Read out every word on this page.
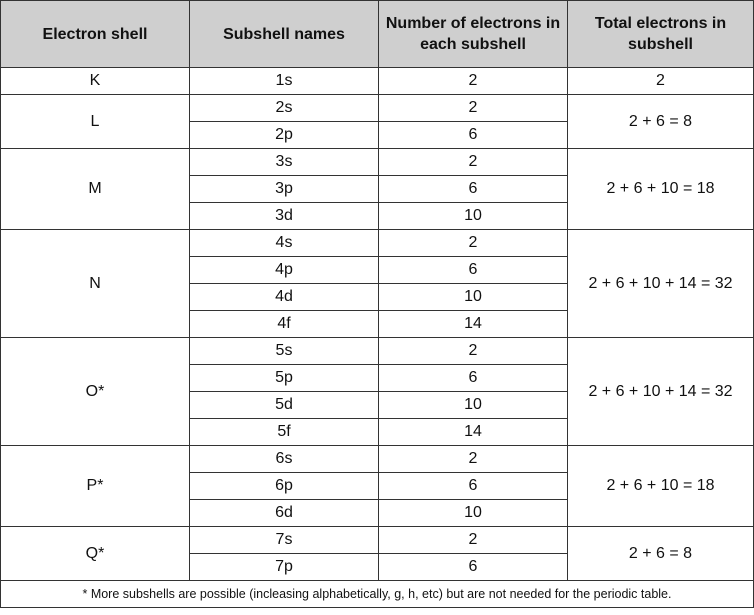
Electron shell	Subshell names	Number of electrons in each subshell	Total electrons in subshell
K	1s	2	2
L	2s	2	2 + 6 = 8
	2p	6	
M	3s	2	2 + 6 + 10 = 18
	3p	6	
	3d	10	
N	4s	2	2 + 6 + 10 + 14 = 32
	4p	6	
	4d	10	
	4f	14	
O*	5s	2	2 + 6 + 10 + 14 = 32
	5p	6	
	5d	10	
	5f	14	
P*	6s	2	2 + 6 + 10 = 18
	6p	6	
	6d	10	
Q*	7s	2	2 + 6 = 8
	7p	6	
* More subshells are possible (incleasing alphabetically, g, h, etc) but are not needed for the periodic table.			
